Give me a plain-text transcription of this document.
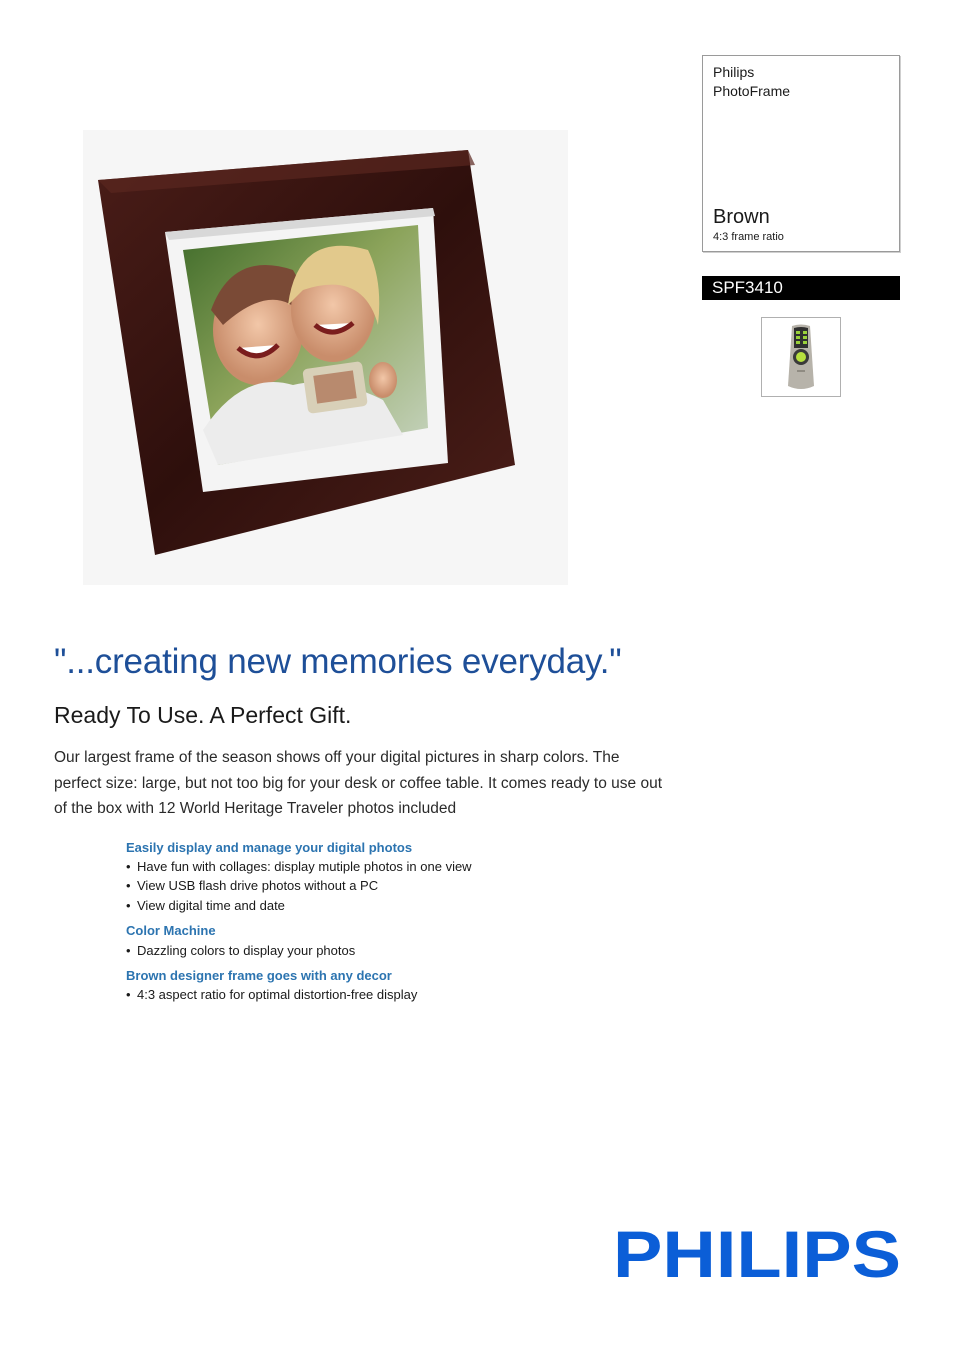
Philips
PhotoFrame
Brown
4:3 frame ratio
SPF3410
"...creating new memories everyday."
Ready To Use. A Perfect Gift.
Our largest frame of the season shows off your digital pictures in sharp colors. The perfect size: large, but not too big for your desk or coffee table. It comes ready to use out of the box with 12 World Heritage Traveler photos included
Easily display and manage your digital photos
• Have fun with collages: display mutiple photos in one view
• View USB flash drive photos without a PC
• View digital time and date
Color Machine
• Dazzling colors to display your photos
Brown designer frame goes with any decor
• 4:3 aspect ratio for optimal distortion-free display
PHILIPS
